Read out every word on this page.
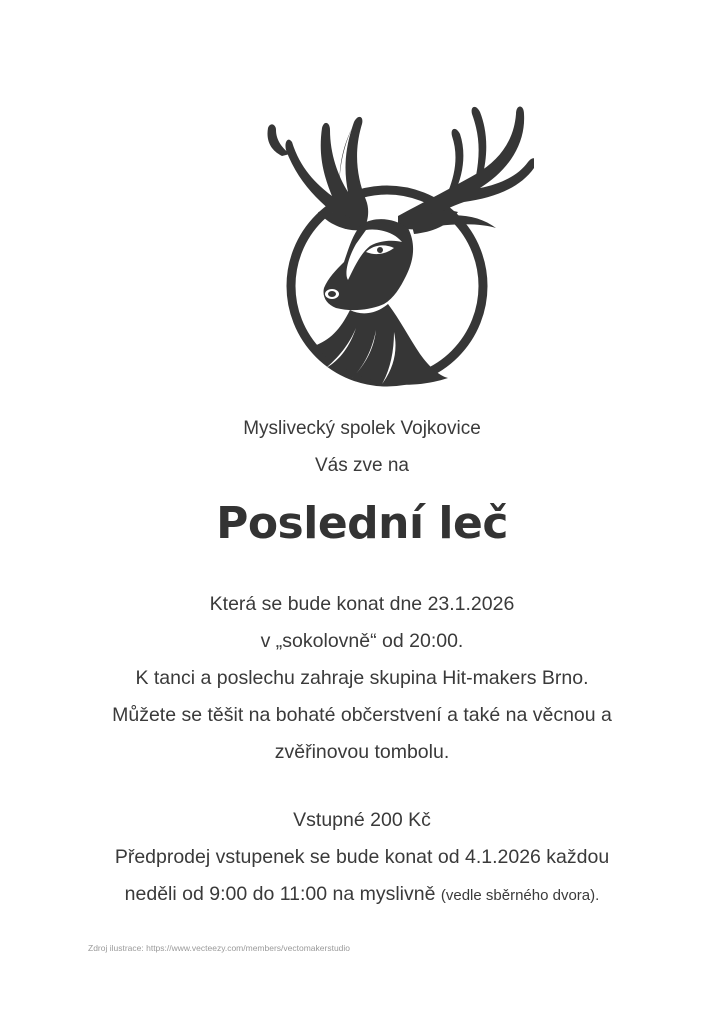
Myslivecký spolek Vojkovice
Vás zve na
Poslední leč
Která se bude konat dne 23.1.2026
v „sokolovně“ od 20:00.
K tanci a poslechu zahraje skupina Hit-makers Brno.
Můžete se těšit na bohaté občerstvení a také na věcnou a
zvěřinovou tombolu.
Vstupné 200 Kč
Předprodej vstupenek se bude konat od 4.1.2026 každou
neděli od 9:00 do 11:00 na myslivně (vedle sběrného dvora).
Zdroj ilustrace: https://www.vecteezy.com/members/vectomakerstudio
